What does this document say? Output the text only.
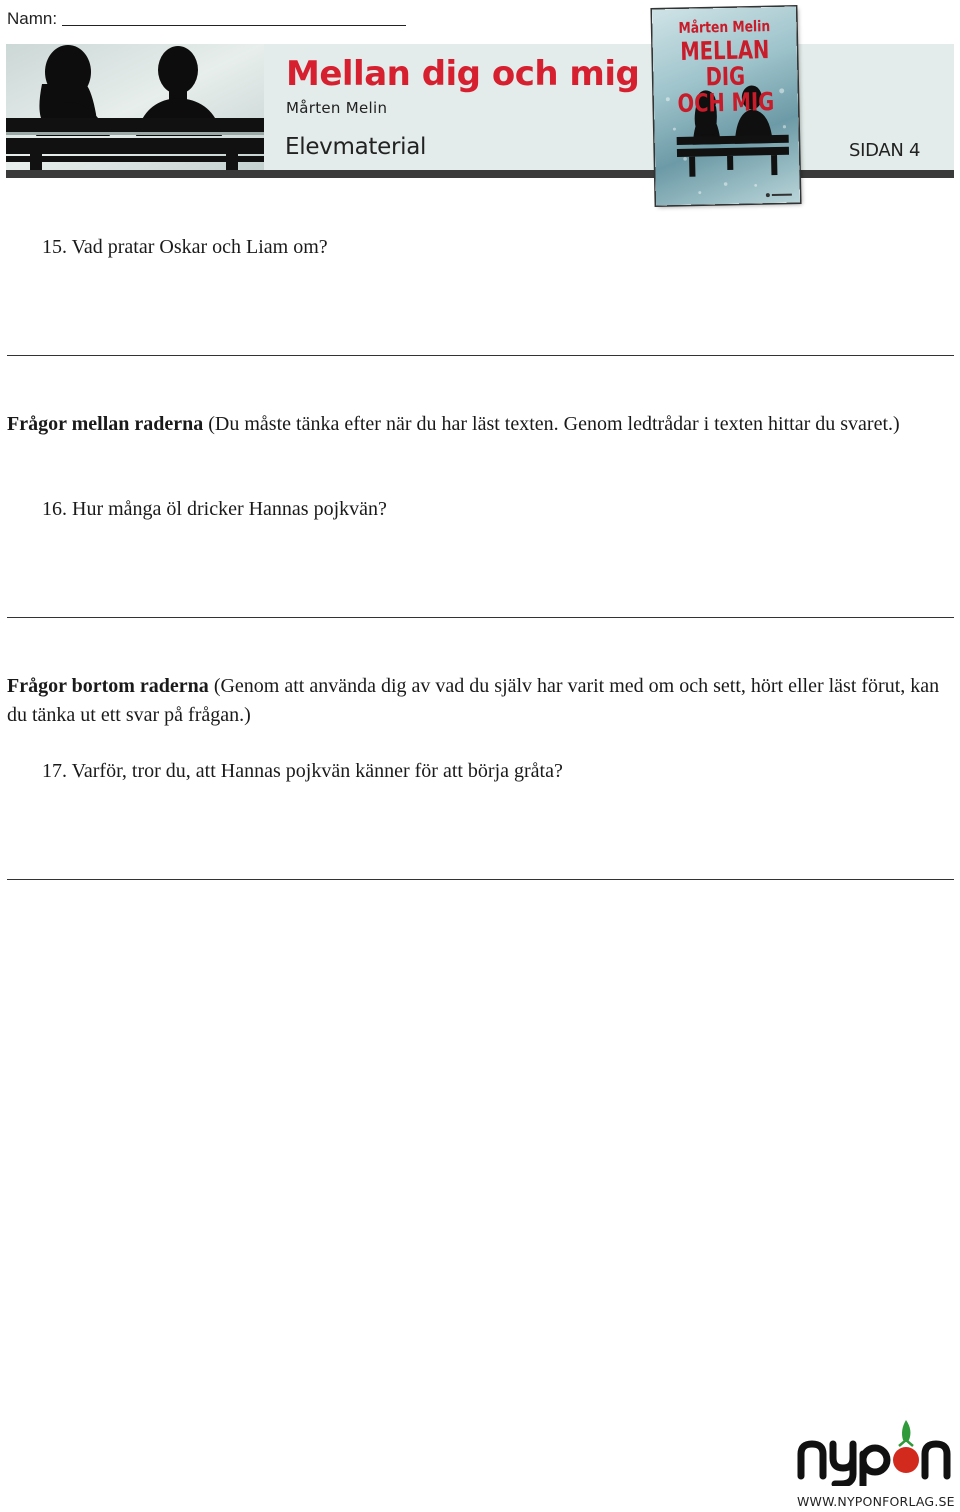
Namn:
Mellan dig och mig
Mårten Melin
Elevmaterial	SIDAN 4
Mårten Melin
MELLAN DIG
OCH MIG
15. Vad pratar Oskar och Liam om?
Frågor mellan raderna (Du måste tänka efter när du har läst texten. Genom ledtrådar i texten hittar du svaret.)
16. Hur många öl dricker Hannas pojkvän?
Frågor bortom raderna (Genom att använda dig av vad du själv har varit med om och sett, hört eller läst förut, kan du tänka ut ett svar på frågan.)
17. Varför, tror du, att Hannas pojkvän känner för att börja gråta?
WWW.NYPONFORLAG.SE
